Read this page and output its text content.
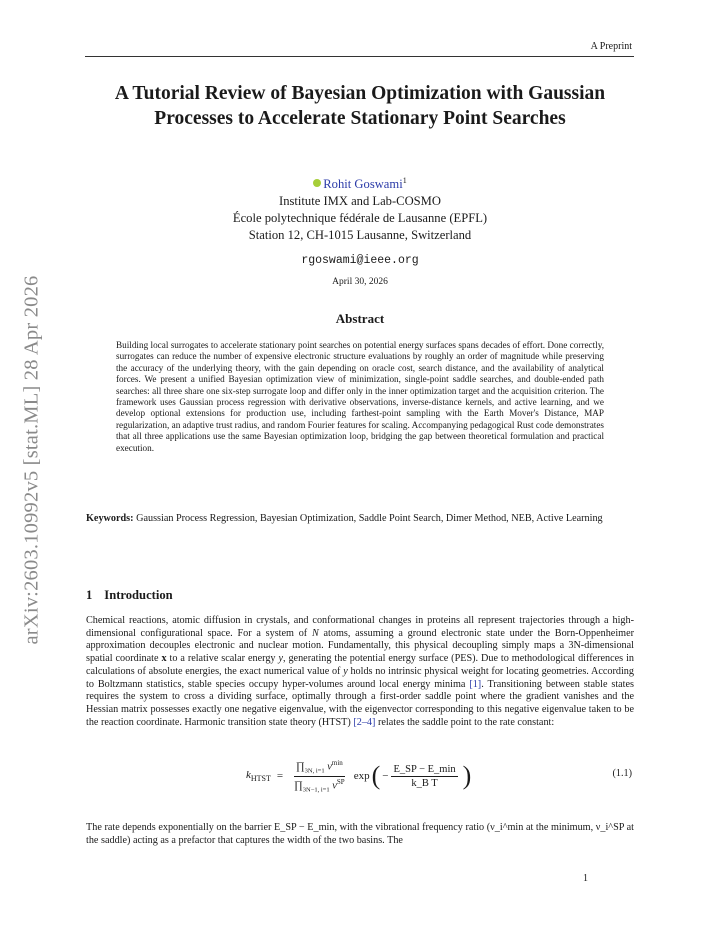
arXiv:2603.10992v5 [stat.ML] 28 Apr 2026
A Preprint
A Tutorial Review of Bayesian Optimization with Gaussian Processes to Accelerate Stationary Point Searches
Rohit Goswami$^1$
Institute IMX and Lab-COSMO
École polytechnique fédérale de Lausanne (EPFL)
Station 12, CH-1015 Lausanne, Switzerland
rgoswami@ieee.org
April 30, 2026
Abstract
Building local surrogates to accelerate stationary point searches on potential energy surfaces spans decades of effort. Done correctly, surrogates can reduce the number of expensive electronic structure evaluations by roughly an order of magnitude while preserving the accuracy of the underlying theory, with the gain depending on oracle cost, search distance, and the availability of analytical forces. We present a unified Bayesian optimization view of minimization, single-point saddle searches, and double-ended path searches: all three share one six-step surrogate loop and differ only in the inner optimization target and the acquisition criterion. The framework uses Gaussian process regression with derivative observations, inverse-distance kernels, and active learning, and we develop optional extensions for production use, including farthest-point sampling with the Earth Mover's Distance, MAP regularization, an adaptive trust radius, and random Fourier features for scaling. Accompanying pedagogical Rust code demonstrates that all three applications use the same Bayesian optimization loop, bridging the gap between theoretical formulation and practical execution.
Keywords: Gaussian Process Regression, Bayesian Optimization, Saddle Point Search, Dimer Method, NEB, Active Learning
1 Introduction
Chemical reactions, atomic diffusion in crystals, and conformational changes in proteins all represent trajectories through a high-dimensional configurational space. For a system of N atoms, assuming a ground electronic state under the Born-Oppenheimer approximation decouples electronic and nuclear motion. Fundamentally, this physical decoupling simply maps a 3N-dimensional spatial coordinate x to a relative scalar energy y, generating the potential energy surface (PES). Due to methodological differences in calculations of absolute energies, the exact numerical value of y holds no intrinsic physical weight for locating geometries. According to Boltzmann statistics, stable species occupy hyper-volumes around local energy minima [1]. Transitioning between stable states requires the system to cross a dividing surface, optimally through a first-order saddle point where the gradient vanishes and the Hessian matrix possesses exactly one negative eigenvalue, with the eigenvector corresponding to this negative eigenvalue taken to be the reaction coordinate. Harmonic transition state theory (HTST) [2–4] relates the saddle point to the rate constant:
$k_{HTST} = \frac{\prod_{3N, i=1} \nu^{min}}{\prod_{3N-1, i=1} \nu^{SP}}$ exp ( − $\frac{E\_SP - E\_\min}{\text{k\_B T}}$ )	(1.1)
The rate depends exponentially on the barrier E_SP − E_min, with the vibrational frequency ratio (ν_i^min at the minimum, ν_i^SP at the saddle) acting as a prefactor that captures the width of the two basins. The
1
